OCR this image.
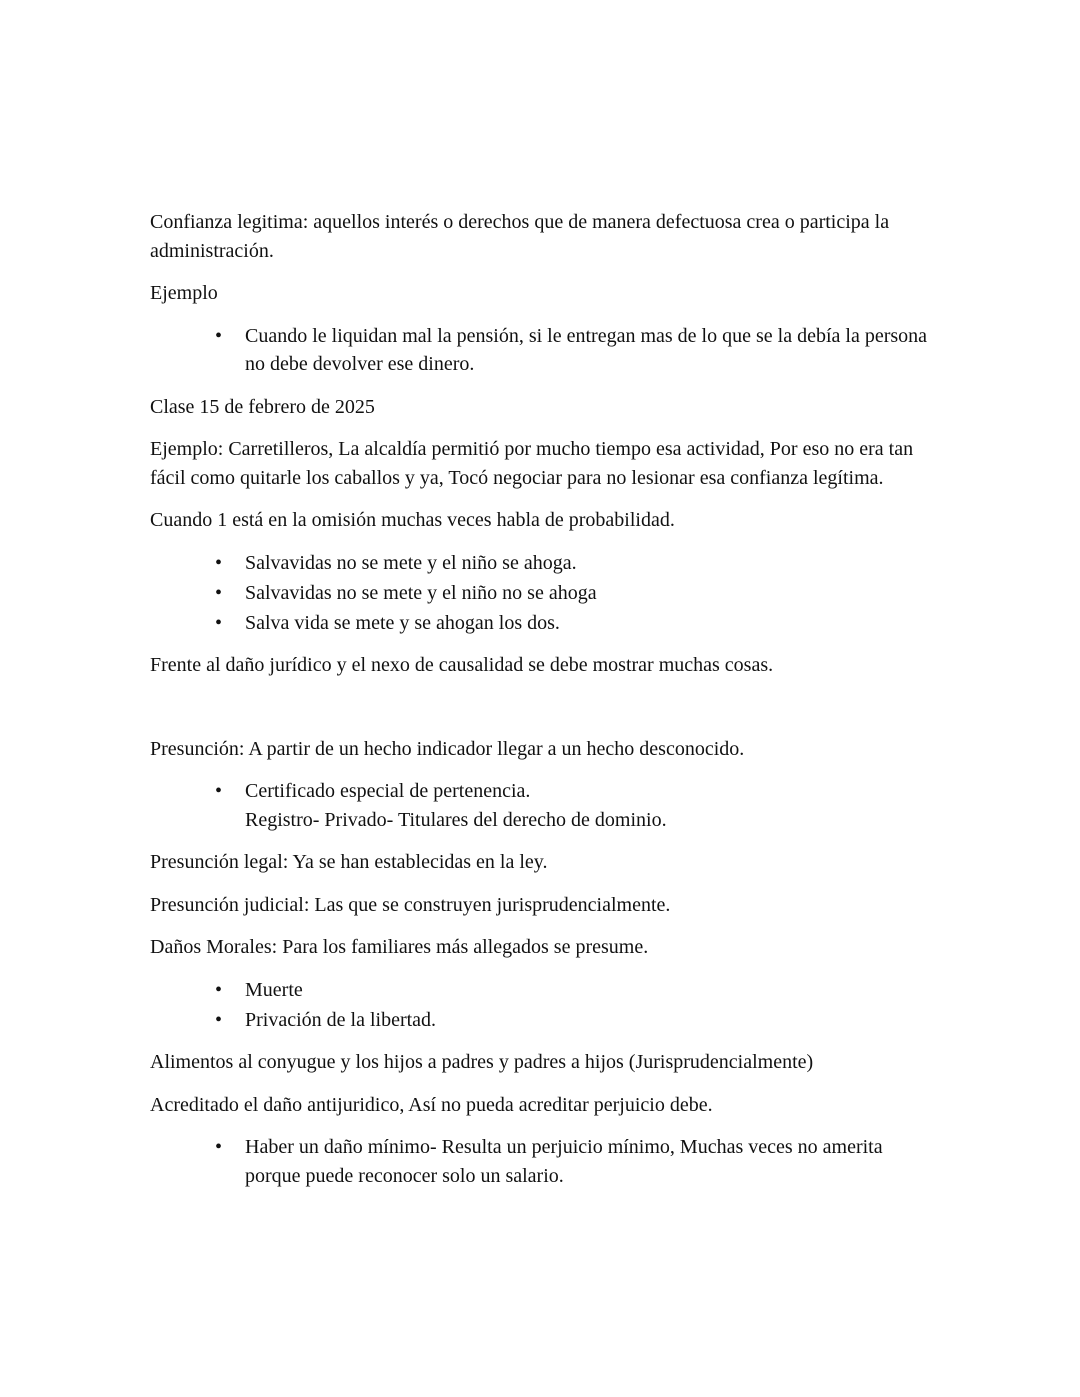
Confianza legitima: aquellos interés o derechos que de manera defectuosa crea o participa la administración.

Ejemplo

• Cuando le liquidan mal la pensión, si le entregan mas de lo que se la debía la persona no debe devolver ese dinero.

Clase 15 de febrero de 2025

Ejemplo: Carretilleros, La alcaldía permitió por mucho tiempo esa actividad, Por eso no era tan fácil como quitarle los caballos y ya, Tocó negociar para no lesionar esa confianza legítima.

Cuando 1 está en la omisión muchas veces habla de probabilidad.

• Salvavidas no se mete y el niño se ahoga.
• Salvavidas no se mete y el niño no se ahoga
• Salva vida se mete y se ahogan los dos.

Frente al daño jurídico y el nexo de causalidad se debe mostrar muchas cosas.

Presunción: A partir de un hecho indicador llegar a un hecho desconocido.

• Certificado especial de pertenencia.
Registro- Privado- Titulares del derecho de dominio.

Presunción legal: Ya se han establecidas en la ley.

Presunción judicial: Las que se construyen jurisprudencialmente.

Daños Morales: Para los familiares más allegados se presume.

• Muerte
• Privación de la libertad.

Alimentos al conyugue y los hijos a padres y padres a hijos (Jurisprudencialmente)

Acreditado el daño antijuridico, Así no pueda acreditar perjuicio debe.

• Haber un daño mínimo- Resulta un perjuicio mínimo, Muchas veces no amerita porque puede reconocer solo un salario.
